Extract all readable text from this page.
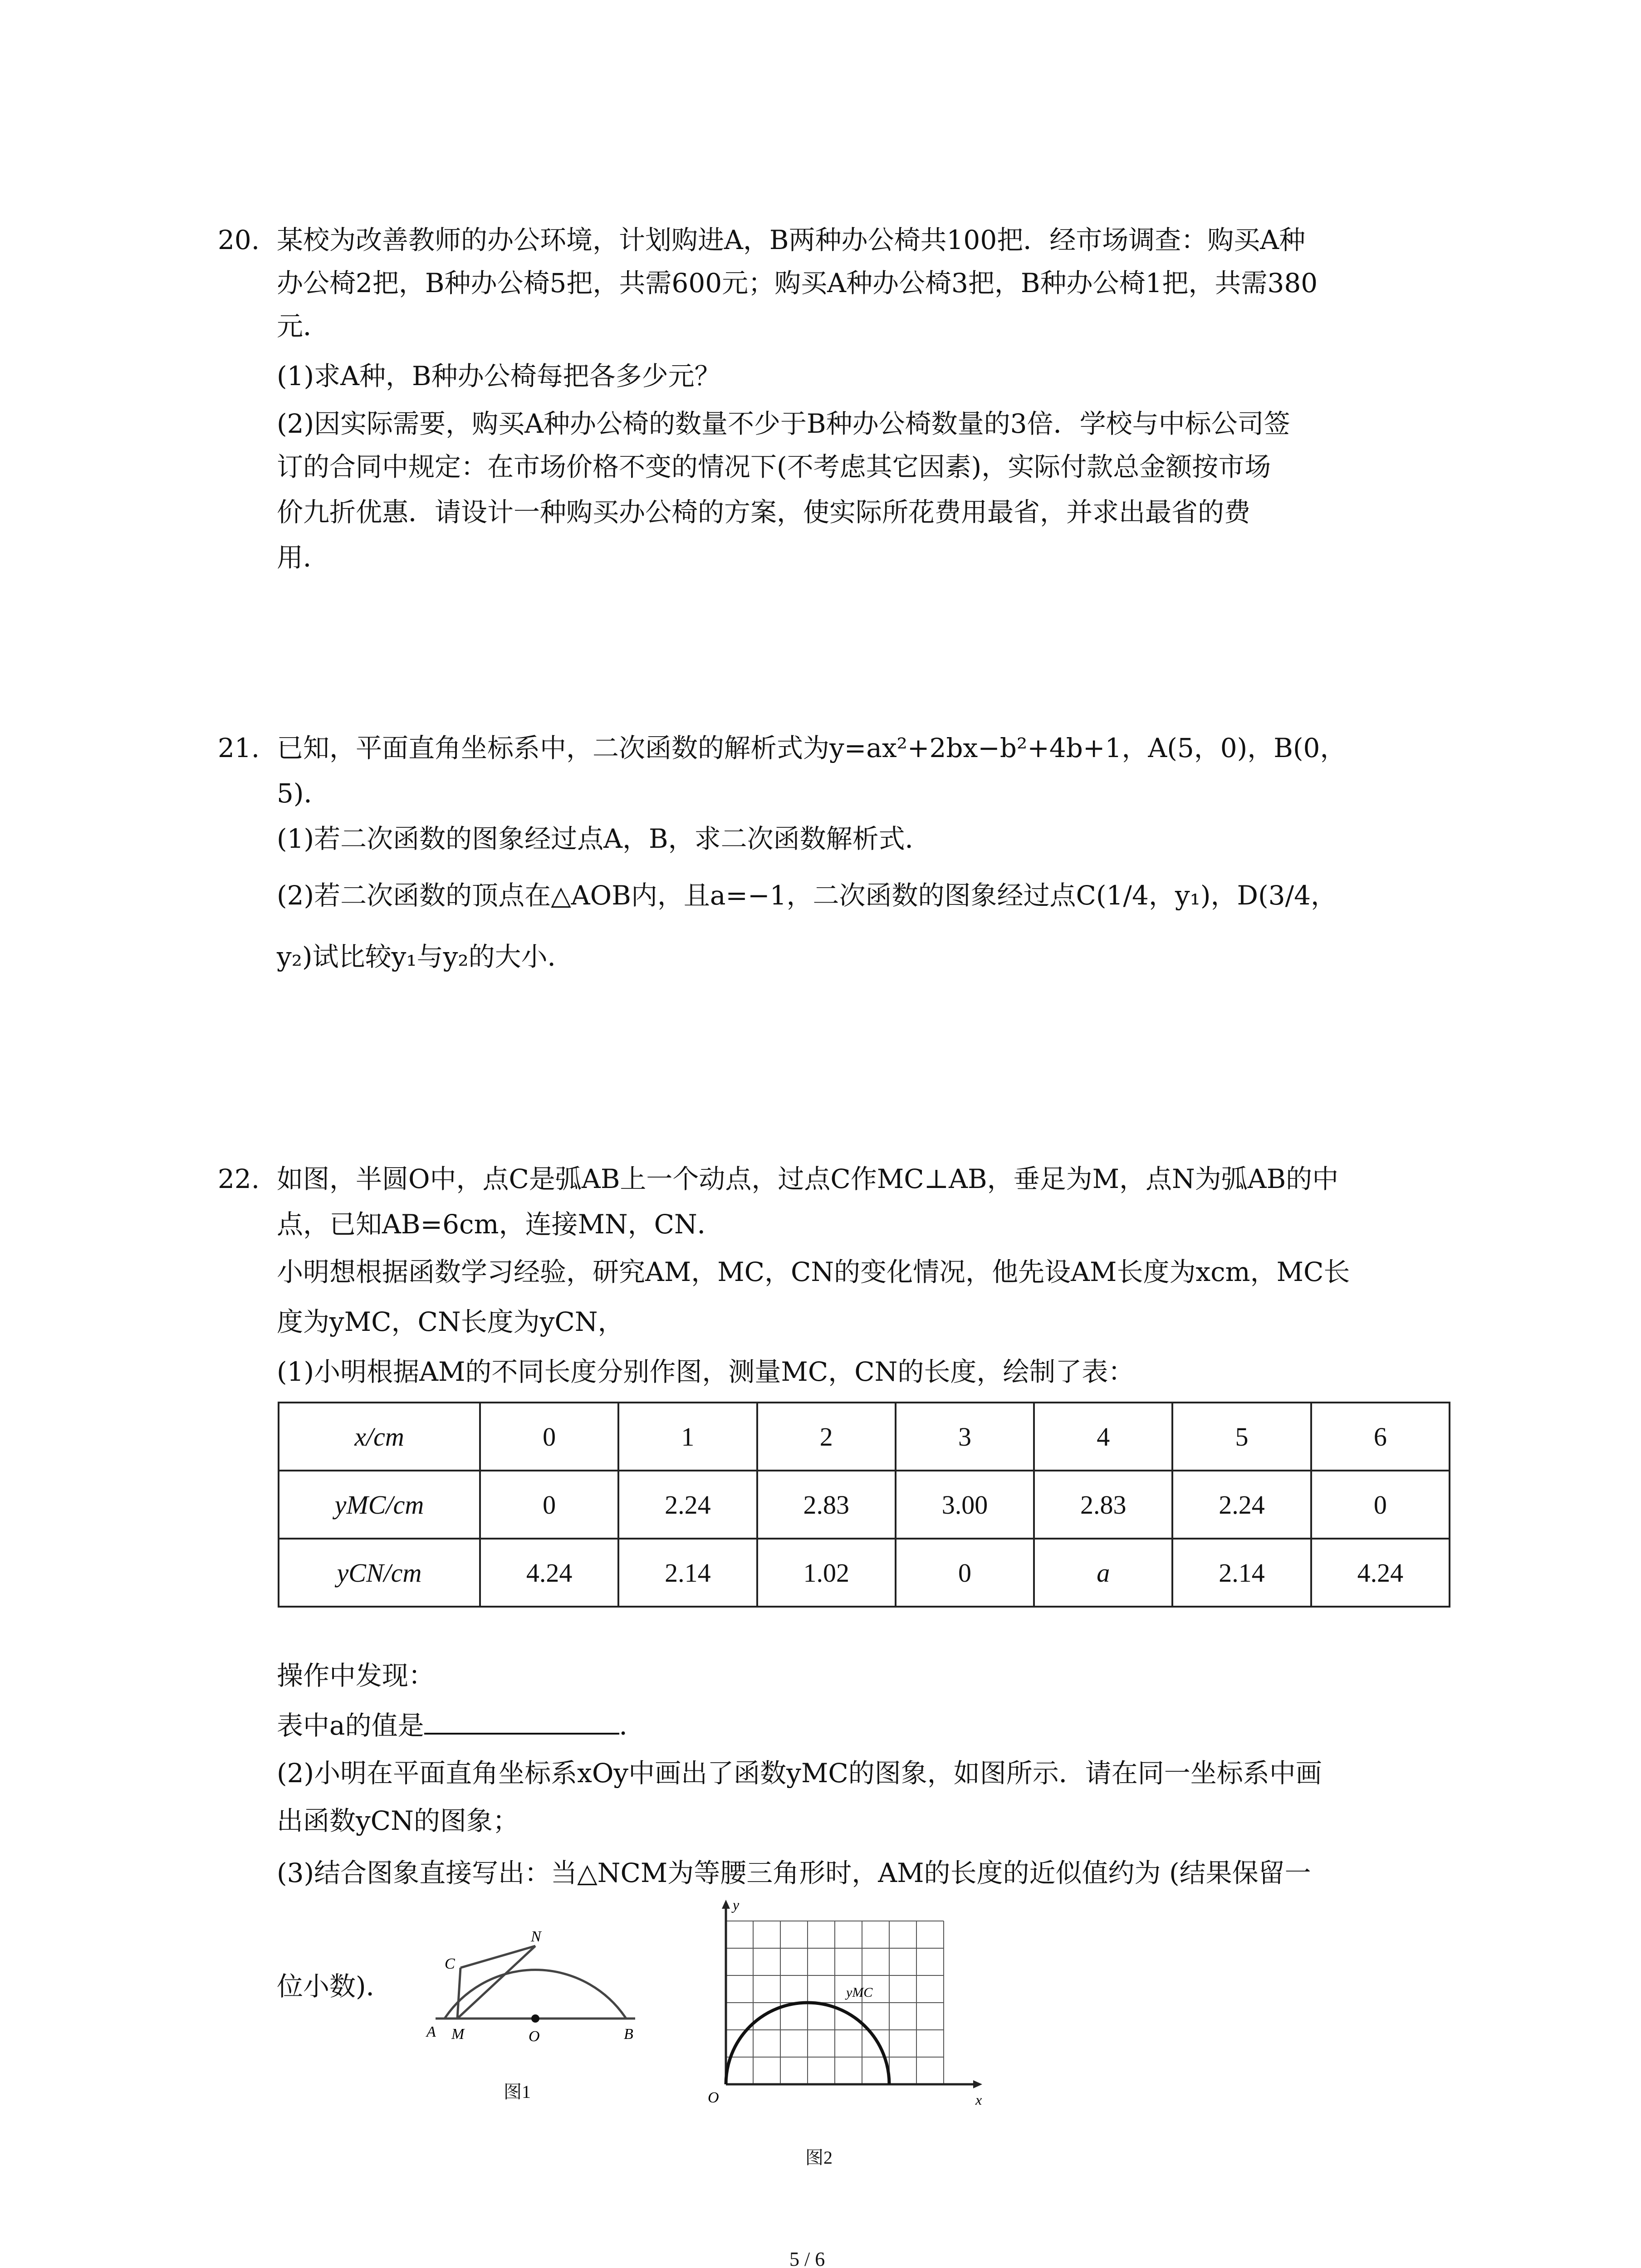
20. 某校为改善教师的办公环境，计划购进A，B两种办公椅共100把．经市场调查：购买A种
办公椅2把，B种办公椅5把，共需600元；购买A种办公椅3把，B种办公椅1把，共需380
元．
(1)求A种，B种办公椅每把各多少元？
(2)因实际需要，购买A种办公椅的数量不少于B种办公椅数量的3倍．学校与中标公司签
订的合同中规定：在市场价格不变的情况下(不考虑其它因素)，实际付款总金额按市场
价九折优惠．请设计一种购买办公椅的方案，使实际所花费用最省，并求出最省的费
用．
21. 已知，平面直角坐标系中，二次函数的解析式为y=ax²+2bx−b²+4b+1，A(5，0)，B(0，
5)．
(1)若二次函数的图象经过点A，B，求二次函数解析式．
(2)若二次函数的顶点在△AOB内，且a=−1，二次函数的图象经过点C(1/4，y₁)，D(3/4，
y₂)试比较y₁与y₂的大小．
22. 如图，半圆O中，点C是弧AB上一个动点，过点C作MC⊥AB，垂足为M，点N为弧AB的中
点，已知AB=6cm，连接MN，CN．
小明想根据函数学习经验，研究AM，MC，CN的变化情况，他先设AM长度为xcm，MC长
度为yMC，CN长度为yCN，
(1)小明根据AM的不同长度分别作图，测量MC，CN的长度，绘制了表：
x/cm	0	1	2	3	4	5	6
yMC/cm	0	2.24	2.83	3.00	2.83	2.24	0
yCN/cm	4.24	2.14	1.02	0	a	2.14	4.24
操作中发现：
表中a的值是	．
(2)小明在平面直角坐标系xOy中画出了函数yMC的图象，如图所示．请在同一坐标系中画
出函数yCN的图象；
(3)结合图象直接写出：当△NCM为等腰三角形时，AM的长度的近似值约为 (结果保留一
位小数)．
N
C
A M	O	B
图1
y
O	x
yMC
图2
5 / 6
